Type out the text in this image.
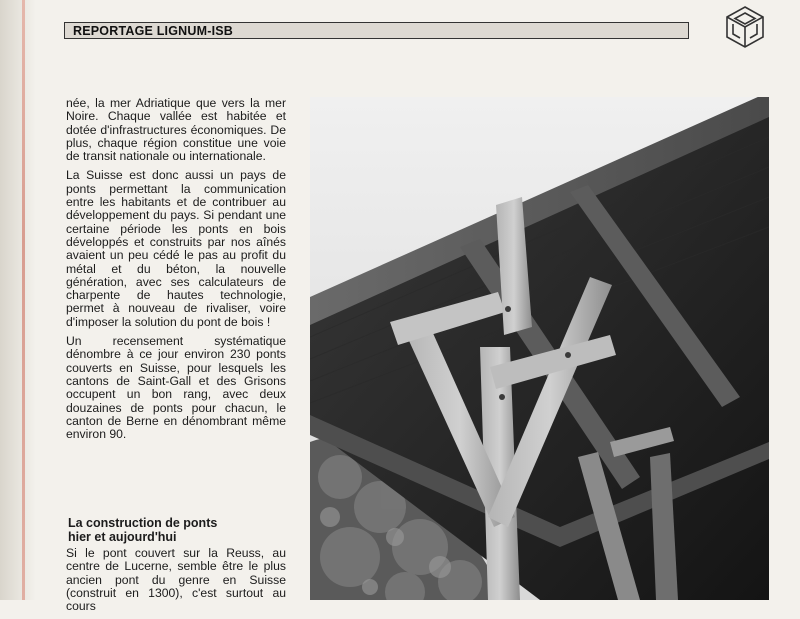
REPORTAGE LIGNUM-ISB

née, la mer Adriatique que vers la mer Noire. Chaque vallée est habitée et dotée d'infrastructures économiques. De plus, chaque région constitue une voie de transit nationale ou internationale.

La Suisse est donc aussi un pays de ponts permettant la communication entre les habitants et de contribuer au développement du pays. Si pendant une certaine période les ponts en bois développés et construits par nos aînés avaient un peu cédé le pas au profit du métal et du béton, la nouvelle génération, avec ses calculateurs de charpente de hautes technologie, permet à nouveau de rivaliser, voire d'imposer la solution du pont de bois !

Un recensement systématique dénombre à ce jour environ 230 ponts couverts en Suisse, pour lesquels les cantons de Saint-Gall et des Grisons occupent un bon rang, avec deux douzaines de ponts pour chacun, le canton de Berne en dénombrant même environ 90.

La construction de ponts
hier et aujourd'hui

Si le pont couvert sur la Reuss, au centre de Lucerne, semble être le plus ancien pont du genre en Suisse (construit en 1300), c'est surtout au cours
